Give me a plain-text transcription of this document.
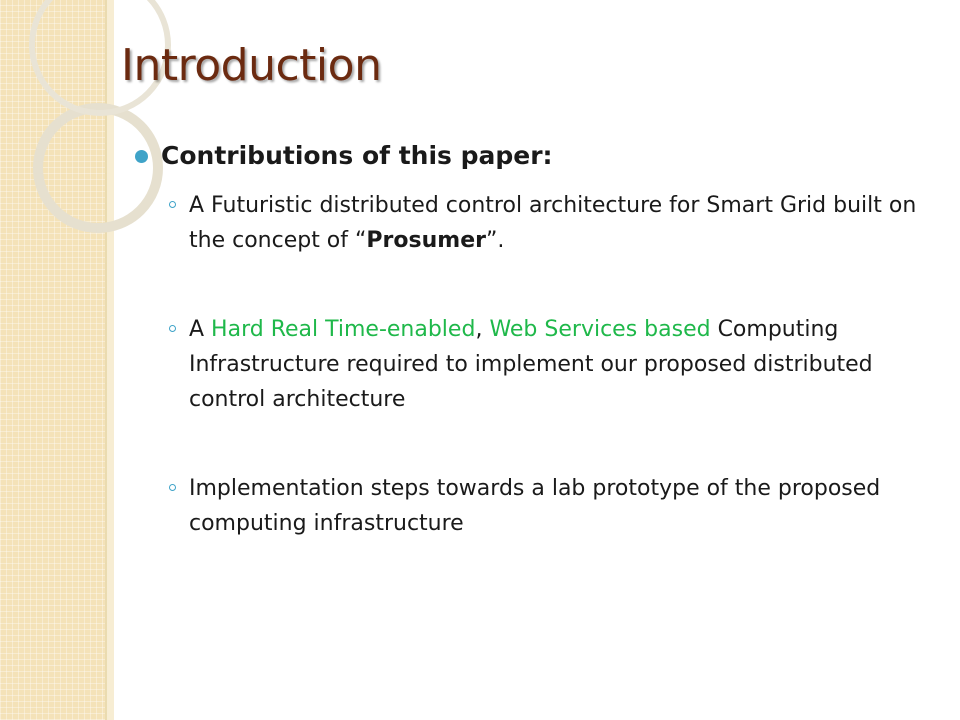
Introduction
Contributions of this paper:
A Futuristic distributed control architecture for Smart Grid built on the concept of “Prosumer”.
A Hard Real Time-enabled, Web Services based Computing Infrastructure required to implement our proposed distributed control architecture
Implementation steps towards a lab prototype of the proposed computing infrastructure
